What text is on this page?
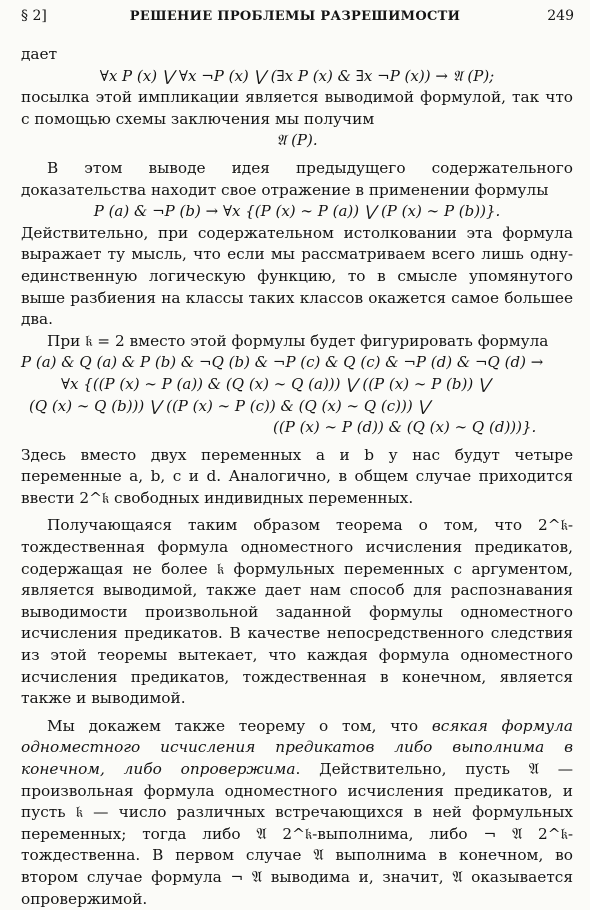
§ 2]	РЕШЕНИЕ ПРОБЛЕМЫ РАЗРЕШИМОСТИ	249

дает

∀x P (x) ⋁ ∀x ¬P (x) ⋁ (∃x P (x) & ∃x ¬P (x)) → 𝔄 (P);

посылка этой импликации является выводимой формулой, так что с помощью схемы заключения мы получим

𝔄 (P).

В этом выводе идея предыдущего содержательного доказательства находит свое отражение в применении формулы

P (a) & ¬P (b) → ∀x {(P (x) ∼ P (a)) ⋁ (P (x) ∼ P (b))}.

Действительно, при содержательном истолковании эта формула выражает ту мысль, что если мы рассматриваем всего лишь одну-единственную логическую функцию, то в смысле упомянутого выше разбиения на классы таких классов окажется самое большее два.

При 𝔨 = 2 вместо этой формулы будет фигурировать формула

P (a) & Q (a) & P (b) & ¬Q (b) & ¬P (c) & Q (c) & ¬P (d) & ¬Q (d) →
∀x {((P (x) ∼ P (a)) & (Q (x) ∼ Q (a))) ⋁ ((P (x) ∼ P (b)) ⋁
(Q (x) ∼ Q (b))) ⋁ ((P (x) ∼ P (c)) & (Q (x) ∼ Q (c))) ⋁
((P (x) ∼ P (d)) & (Q (x) ∼ Q (d)))}.

Здесь вместо двух переменных a и b у нас будут четыре переменные a, b, c и d. Аналогично, в общем случае приходится ввести 2^𝔨 свободных индивидных переменных.

Получающаяся таким образом теорема о том, что 2^𝔨-тождественная формула одноместного исчисления предикатов, содержащая не более 𝔨 формульных переменных с аргументом, является выводимой, также дает нам способ для распознавания выводимости произвольной заданной формулы одноместного исчисления предикатов. В качестве непосредственного следствия из этой теоремы вытекает, что каждая формула одноместного исчисления предикатов, тождественная в конечном, является также и выводимой.

Мы докажем также теорему о том, что всякая формула одноместного исчисления предикатов либо выполнима в конечном, либо опровержима. Действительно, пусть 𝔄 — произвольная формула одноместного исчисления предикатов, и пусть 𝔨 — число различных встречающихся в ней формульных переменных; тогда либо 𝔄 2^𝔨-выполнима, либо ¬ 𝔄 2^𝔨-тождественна. В первом случае 𝔄 выполнима в конечном, во втором случае формула ¬ 𝔄 выводима и, значит, 𝔄 оказывается опровержимой.
